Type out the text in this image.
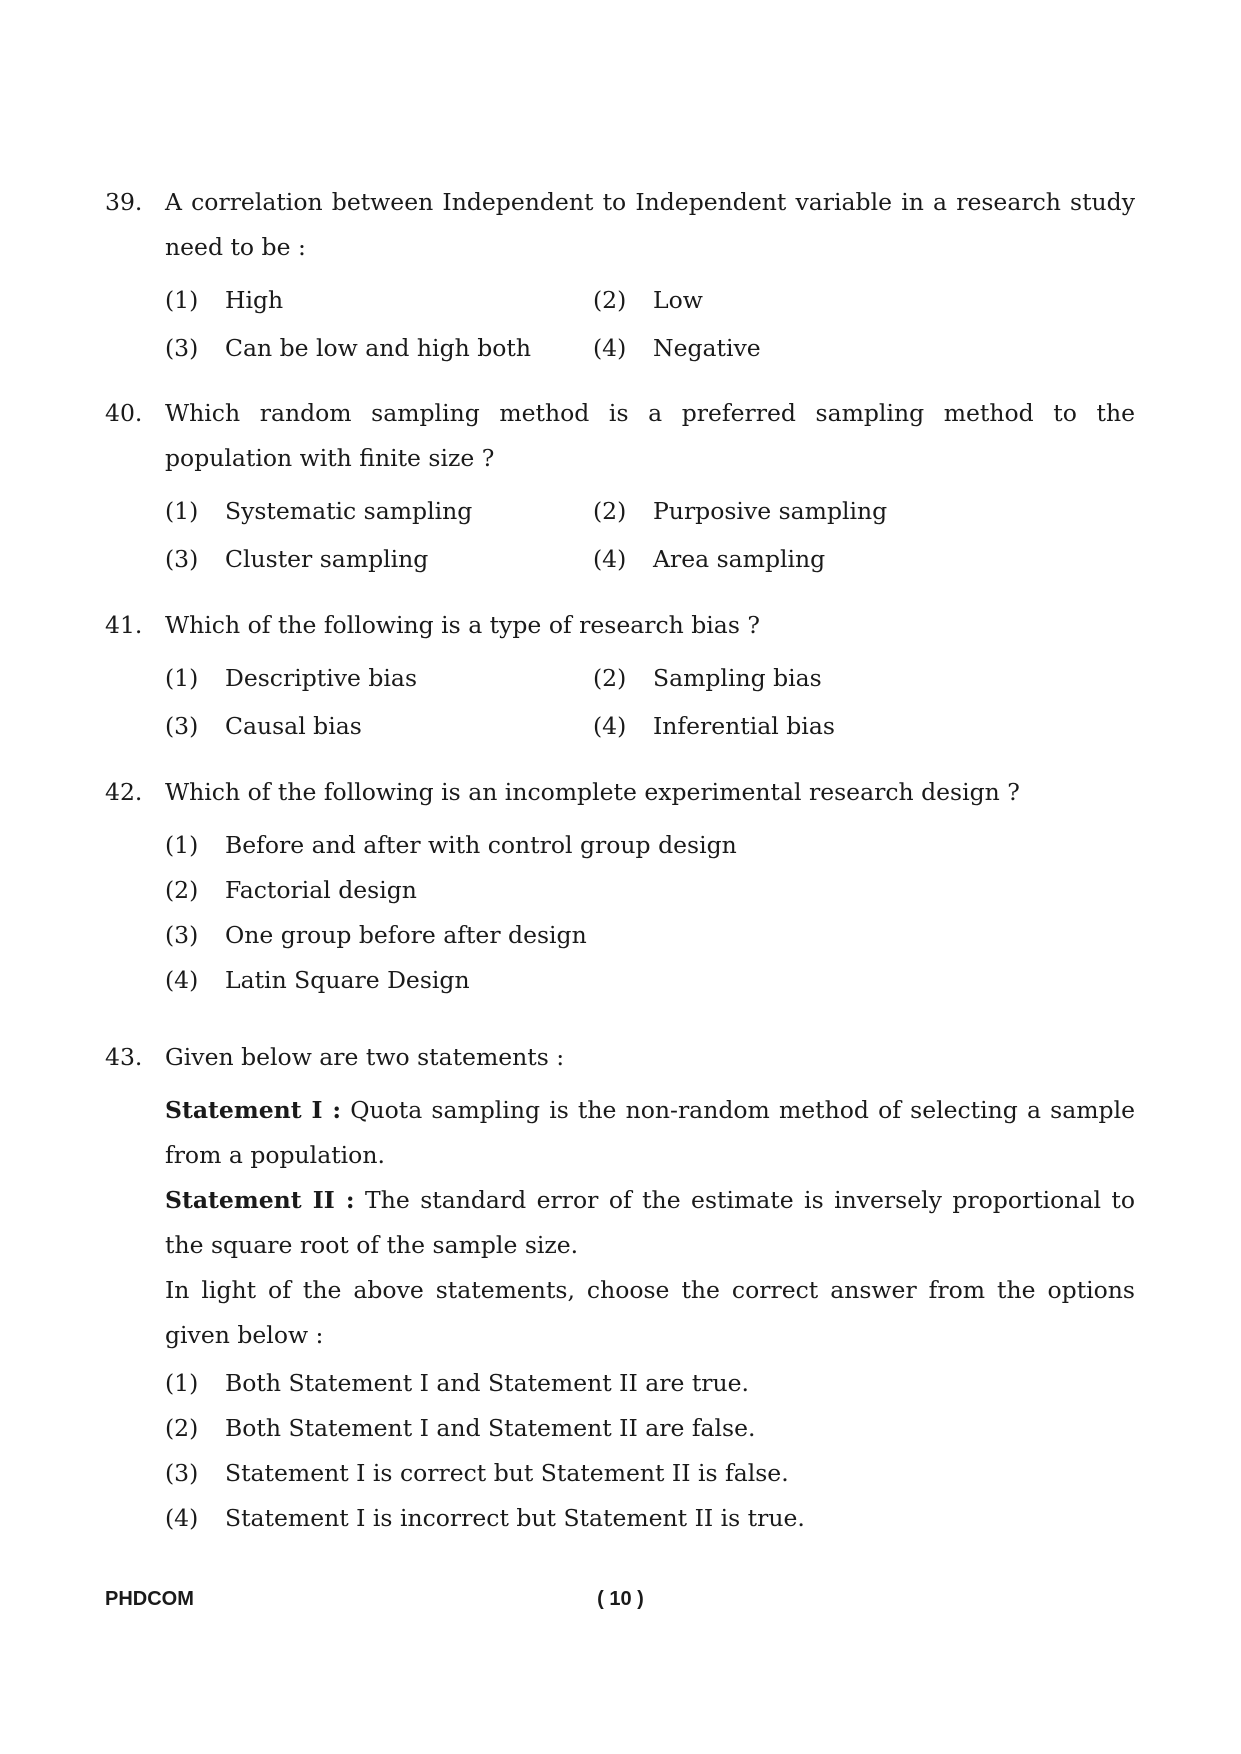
39. A correlation between Independent to Independent variable in a research study need to be :
(1)	High	(2)	Low
(3)	Can be low and high both	(4)	Negative
40. Which random sampling method is a preferred sampling method to the population with finite size ?
(1)	Systematic sampling	(2)	Purposive sampling
(3)	Cluster sampling	(4)	Area sampling
41. Which of the following is a type of research bias ?
(1)	Descriptive bias	(2)	Sampling bias
(3)	Causal bias	(4)	Inferential bias
42. Which of the following is an incomplete experimental research design ?
(1)	Before and after with control group design
(2)	Factorial design
(3)	One group before after design
(4)	Latin Square Design
43. Given below are two statements :
Statement I : Quota sampling is the non-random method of selecting a sample from a population.
Statement II : The standard error of the estimate is inversely proportional to the square root of the sample size.
In light of the above statements, choose the correct answer from the options given below :
(1)	Both Statement I and Statement II are true.
(2)	Both Statement I and Statement II are false.
(3)	Statement I is correct but Statement II is false.
(4)	Statement I is incorrect but Statement II is true.
( 10 )
PHDCOM
